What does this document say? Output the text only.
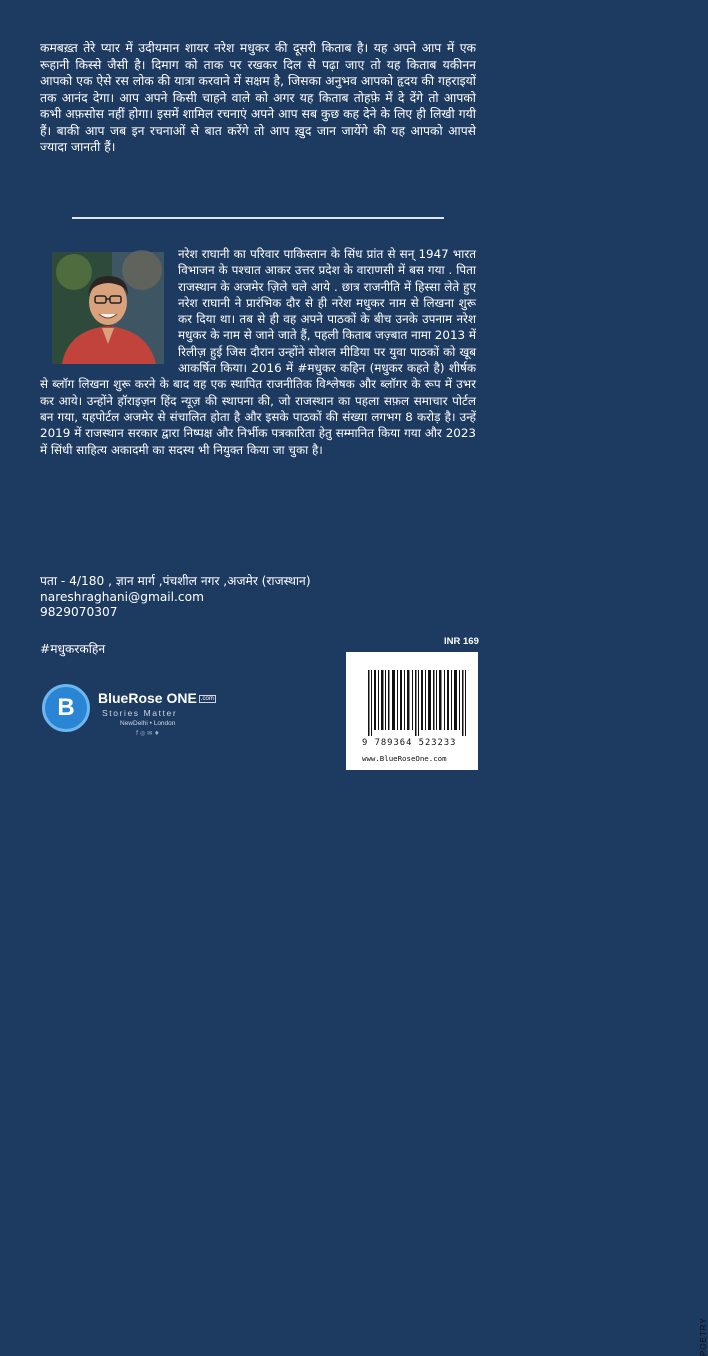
कमबख़्त तेरे प्यार में उदीयमान शायर नरेश मधुकर की दूसरी किताब है। यह अपने आप में एक रूहानी किस्से जैसी है। दिमाग को ताक पर रखकर दिल से पढ़ा जाए तो यह किताब यकीनन आपको एक ऐसे रस लोक की यात्रा करवाने में सक्षम है, जिसका अनुभव आपको हृदय की गहराइयों तक आनंद देगा। आप अपने किसी चाहने वाले को अगर यह किताब तोहफ़े में दे देंगे तो आपको कभी अफ़सोस नहीं होगा। इसमें शामिल रचनाएं अपने आप सब कुछ कह देने के लिए ही लिखी गयी हैं। बाकी आप जब इन रचनाओं से बात करेंगे तो आप ख़ुद जान जायेंगे की यह आपको आपसे ज्यादा जानती हैं।

नरेश राघानी का परिवार पाकिस्तान के सिंध प्रांत से सन् 1947 भारत विभाजन के पश्चात आकर उत्तर प्रदेश के वाराणसी में बस गया . पिता राजस्थान के अजमेर ज़िले चले आये . छात्र राजनीति में हिस्सा लेते हुए नरेश राघानी ने प्रारंभिक दौर से ही नरेश मधुकर नाम से लिखना शुरू कर दिया था। तब से ही वह अपने पाठकों के बीच उनके उपनाम नरेश मधुकर के नाम से जाने जाते हैं, पहली किताब जज़्बात नामा 2013 में रिलीज़ हुई जिस दौरान उन्होंने सोशल मीडिया पर युवा पाठकों को खूब आकर्षित किया। 2016 में #मधुकर कहिन (मधुकर कहते है) शीर्षक से ब्लॉग लिखना शुरू करने के बाद वह एक स्थापित राजनीतिक विश्लेषक और ब्लॉगर के रूप में उभर कर आये। उन्होंने हॉराइज़न हिंद न्यूज़ की स्थापना की, जो राजस्थान का पहला सफ़ल समाचार पोर्टल बन गया, यहपोर्टल अजमेर से संचालित होता है और इसके पाठकों की संख्या लगभग 8 करोड़ है। उन्हें 2019 में राजस्थान सरकार द्वारा निष्पक्ष और निर्भीक पत्रकारिता हेतु सम्मानित किया गया और 2023 में सिंधी साहित्य अकादमी का सदस्य भी नियुक्त किया जा चुका है।

पता - 4/180 , ज्ञान मार्ग ,पंचशील नगर ,अजमेर (राजस्थान)
nareshraghani@gmail.com
9829070307
#मधुकरकहिन
B	BlueRose ONE .com
Stories Matter
NewDelhi • London
f ◎ ✉ ♦
INR 169
POETRY
9 789364 523233
www.BlueRoseOne.com
